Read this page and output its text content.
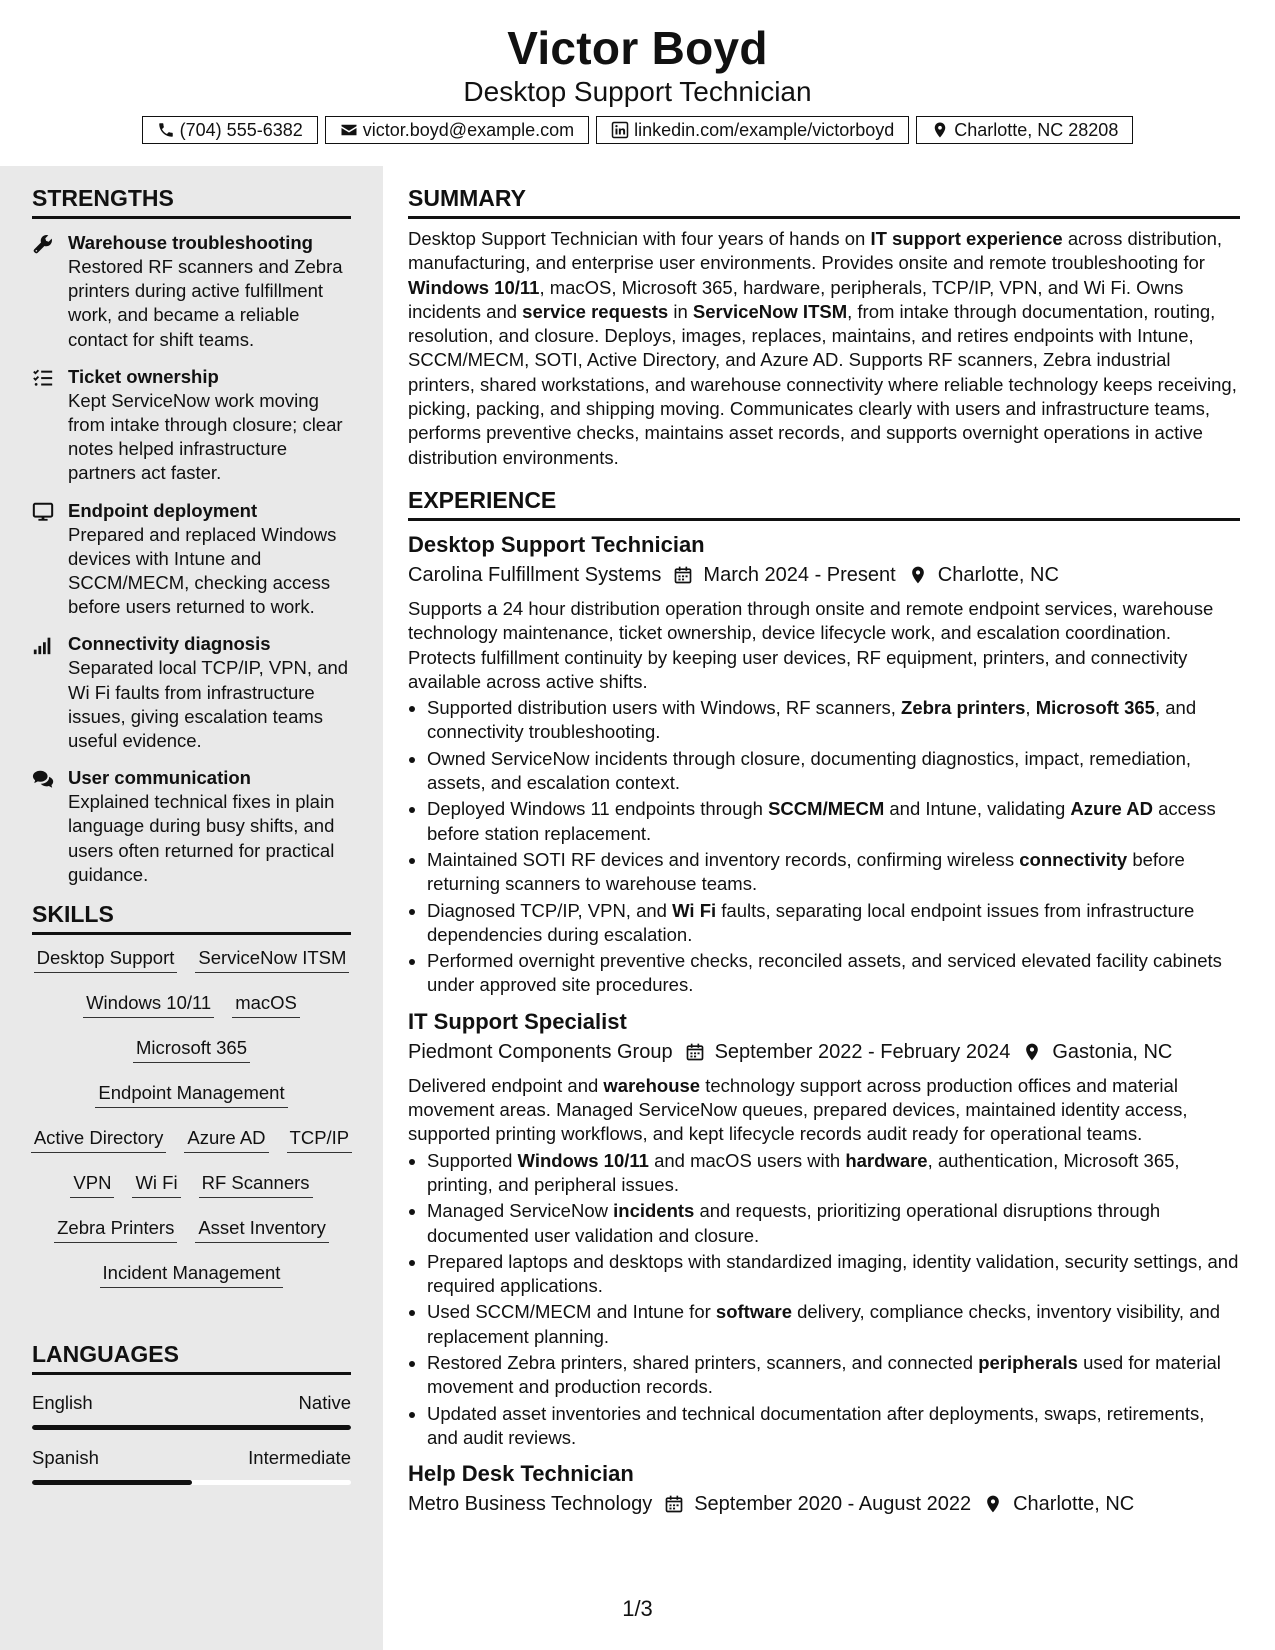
Victor Boyd
Desktop Support Technician
(704) 555-6382	victor.boyd@example.com	linkedin.com/example/victorboyd	Charlotte, NC 28208
STRENGTHS
Warehouse troubleshooting
Restored RF scanners and Zebra printers during active fulfillment work, and became a reliable contact for shift teams.
Ticket ownership
Kept ServiceNow work moving from intake through closure; clear notes helped infrastructure partners act faster.
Endpoint deployment
Prepared and replaced Windows devices with Intune and SCCM/MECM, checking access before users returned to work.
Connectivity diagnosis
Separated local TCP/IP, VPN, and Wi Fi faults from infrastructure issues, giving escalation teams useful evidence.
User communication
Explained technical fixes in plain language during busy shifts, and users often returned for practical guidance.
SKILLS
Desktop Support ServiceNow ITSM
Windows 10/11 macOS
Microsoft 365
Endpoint Management
Active Directory Azure AD TCP/IP
VPN Wi Fi RF Scanners
Zebra Printers Asset Inventory
Incident Management
LANGUAGES
English	Native
Spanish	Intermediate
SUMMARY
Desktop Support Technician with four years of hands on IT support experience across distribution, manufacturing, and enterprise user environments. Provides onsite and remote troubleshooting for Windows 10/11, macOS, Microsoft 365, hardware, peripherals, TCP/IP, VPN, and Wi Fi. Owns incidents and service requests in ServiceNow ITSM, from intake through documentation, routing, resolution, and closure. Deploys, images, replaces, maintains, and retires endpoints with Intune, SCCM/MECM, SOTI, Active Directory, and Azure AD. Supports RF scanners, Zebra industrial printers, shared workstations, and warehouse connectivity where reliable technology keeps receiving, picking, packing, and shipping moving. Communicates clearly with users and infrastructure teams, performs preventive checks, maintains asset records, and supports overnight operations in active distribution environments.
EXPERIENCE
Desktop Support Technician
Carolina Fulfillment Systems March 2024 - Present Charlotte, NC
Supports a 24 hour distribution operation through onsite and remote endpoint services, warehouse technology maintenance, ticket ownership, device lifecycle work, and escalation coordination. Protects fulfillment continuity by keeping user devices, RF equipment, printers, and connectivity available across active shifts.
• Supported distribution users with Windows, RF scanners, Zebra printers, Microsoft 365, and connectivity troubleshooting.
• Owned ServiceNow incidents through closure, documenting diagnostics, impact, remediation, assets, and escalation context.
• Deployed Windows 11 endpoints through SCCM/MECM and Intune, validating Azure AD access before station replacement.
• Maintained SOTI RF devices and inventory records, confirming wireless connectivity before returning scanners to warehouse teams.
• Diagnosed TCP/IP, VPN, and Wi Fi faults, separating local endpoint issues from infrastructure dependencies during escalation.
• Performed overnight preventive checks, reconciled assets, and serviced elevated facility cabinets under approved site procedures.
IT Support Specialist
Piedmont Components Group September 2022 - February 2024 Gastonia, NC
Delivered endpoint and warehouse technology support across production offices and material movement areas. Managed ServiceNow queues, prepared devices, maintained identity access, supported printing workflows, and kept lifecycle records audit ready for operational teams.
• Supported Windows 10/11 and macOS users with hardware, authentication, Microsoft 365, printing, and peripheral issues.
• Managed ServiceNow incidents and requests, prioritizing operational disruptions through documented user validation and closure.
• Prepared laptops and desktops with standardized imaging, identity validation, security settings, and required applications.
• Used SCCM/MECM and Intune for software delivery, compliance checks, inventory visibility, and replacement planning.
• Restored Zebra printers, shared printers, scanners, and connected peripherals used for material movement and production records.
• Updated asset inventories and technical documentation after deployments, swaps, retirements, and audit reviews.
Help Desk Technician
Metro Business Technology September 2020 - August 2022 Charlotte, NC
1/3
